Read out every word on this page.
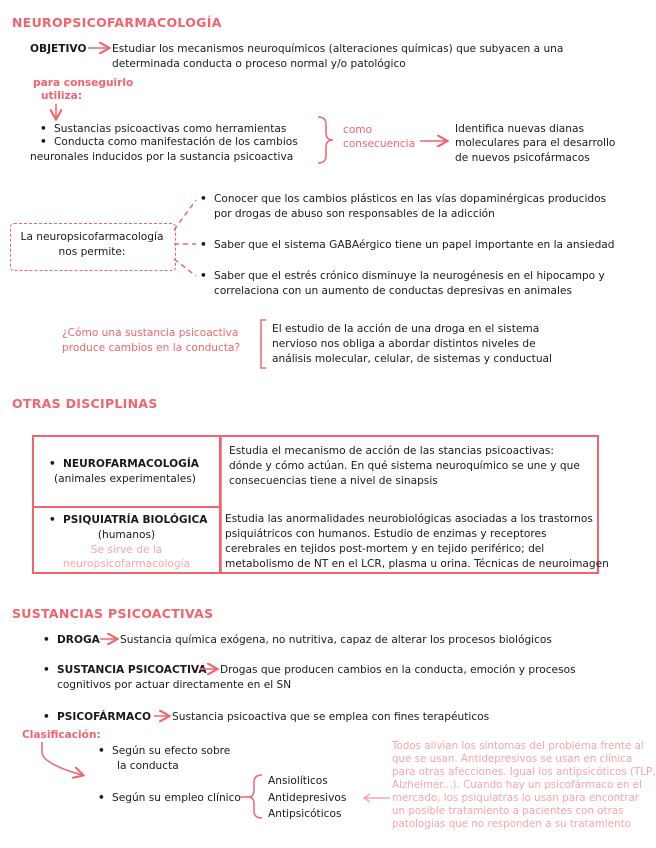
NEUROPSICOFARMACOLOGÍA
OBJETIVO Estudiar los mecanismos neuroquímicos (alteraciones químicas) que subyacen a una
determinada conducta o proceso normal y/o patológico
para conseguirlo
utiliza:
• Sustancias psicoactivas como herramientas
• Conducta como manifestación de los cambios
neuronales inducidos por la sustancia psicoactiva
como
consecuencia
Identifica nuevas dianas
moleculares para el desarrollo
de nuevos psicofármacos
La neuropsicofarmacología
nos permite:
• Conocer que los cambios plásticos en las vías dopaminérgicas producidos
por drogas de abuso son responsables de la adicción
• Saber que el sistema GABAérgico tiene un papel importante en la ansiedad
• Saber que el estrés crónico disminuye la neurogénesis en el hipocampo y
correlaciona con un aumento de conductas depresivas en animales
¿Cómo una sustancia psicoactiva
produce cambios en la conducta?
El estudio de la acción de una droga en el sistema
nervioso nos obliga a abordar distintos niveles de
análisis molecular, celular, de sistemas y conductual
OTRAS DISCIPLINAS
• NEUROFARMACOLOGÍA
(animales experimentales)
Estudia el mecanismo de acción de las stancias psicoactivas:
dónde y cómo actúan. En qué sistema neuroquímico se une y que
consecuencias tiene a nivel de sinapsis
• PSIQUIATRÍA BIOLÓGICA
(humanos)
Se sirve de la
neuropsicofarmacología
Estudia las anormalidades neurobiológicas asociadas a los trastornos
psiquiátricos con humanos. Estudio de enzimas y receptores
cerebrales en tejidos post-mortem y en tejido periférico; del
metabolismo de NT en el LCR, plasma u orina. Técnicas de neuroimagen
SUSTANCIAS PSICOACTIVAS
• DROGA Sustancia química exógena, no nutritiva, capaz de alterar los procesos biológicos
• SUSTANCIA PSICOACTIVA Drogas que producen cambios en la conducta, emoción y procesos
cognitivos por actuar directamente en el SN
• PSICOFÁRMACO Sustancia psicoactiva que se emplea con fines terapéuticos
Clasificación:
• Según su efecto sobre
la conducta
• Según su empleo clínico
Ansiolíticos
Antidepresivos
Antipsicóticos
Todos alivian los síntomas del problema frente al
que se usan. Antidepresivos se usan en clínica
para otras afecciones. Igual los antipsicóticos (TLP,
Alzheimer...). Cuando hay un psicofármaco en el
mercado, los psiquiatras lo usan para encontrar
un posible tratamiento a pacientes con otras
patologías que no responden a su tratamiento
